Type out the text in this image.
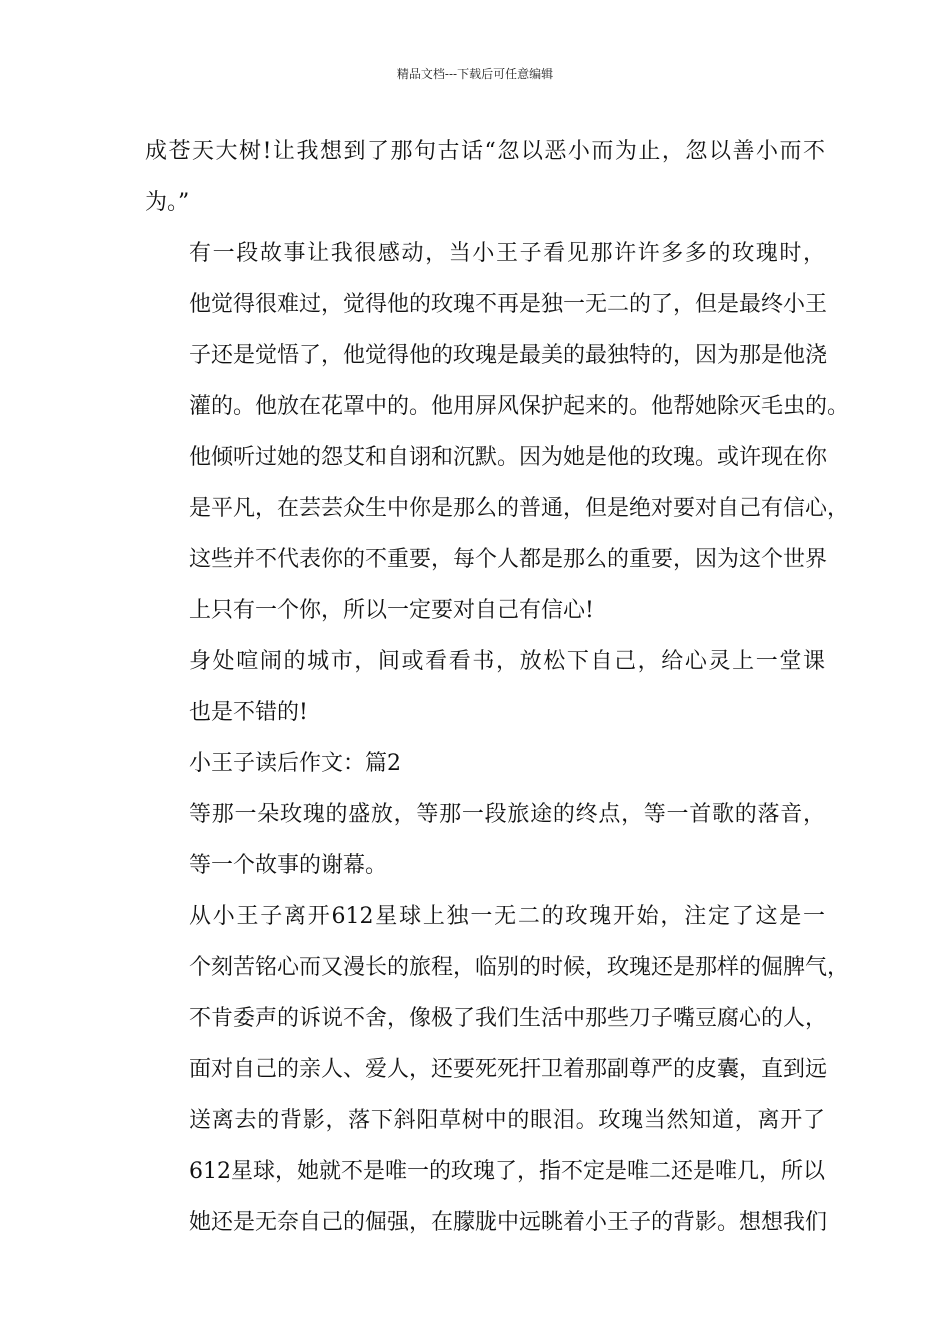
精品文档---下载后可任意编辑

成苍天大树!让我想到了那句古话“忽以恶小而为止，忽以善小而不
为。”

有一段故事让我很感动，当小王子看见那许许多多的玫瑰时，
他觉得很难过，觉得他的玫瑰不再是独一无二的了，但是最终小王
子还是觉悟了，他觉得他的玫瑰是最美的最独特的，因为那是他浇
灌的。他放在花罩中的。他用屏风保护起来的。他帮她除灭毛虫的。
他倾听过她的怨艾和自诩和沉默。因为她是他的玫瑰。或许现在你
是平凡，在芸芸众生中你是那么的普通，但是绝对要对自己有信心，
这些并不代表你的不重要，每个人都是那么的重要，因为这个世界
上只有一个你，所以一定要对自己有信心!

身处喧闹的城市，间或看看书，放松下自己，给心灵上一堂课
也是不错的!

小王子读后作文：篇2

等那一朵玫瑰的盛放，等那一段旅途的终点，等一首歌的落音，
等一个故事的谢幕。

从小王子离开612星球上独一无二的玫瑰开始，注定了这是一
个刻苦铭心而又漫长的旅程，临别的时候，玫瑰还是那样的倔脾气，
不肯委声的诉说不舍，像极了我们生活中那些刀子嘴豆腐心的人，
面对自己的亲人、爱人，还要死死扞卫着那副尊严的皮囊，直到远
送离去的背影，落下斜阳草树中的眼泪。玫瑰当然知道，离开了
612星球，她就不是唯一的玫瑰了，指不定是唯二还是唯几，所以
她还是无奈自己的倔强，在朦胧中远眺着小王子的背影。想想我们
